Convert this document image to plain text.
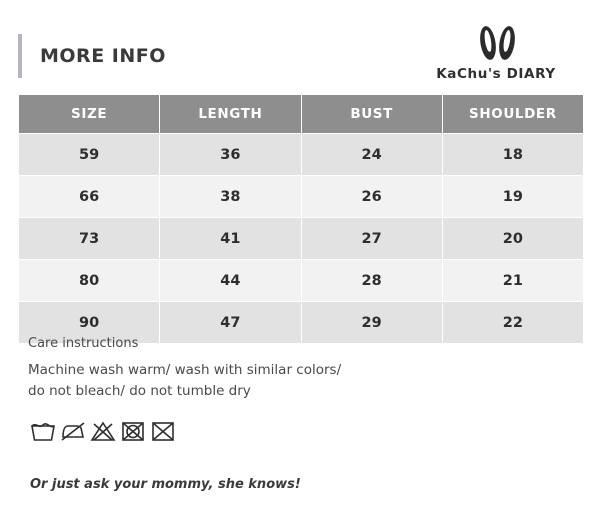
MORE INFO
KaChu's DIARY
SIZE	LENGTH	BUST	SHOULDER
59	36	24	18
66	38	26	19
73	41	27	20
80	44	28	21
90	47	29	22
Care instructions
Machine wash warm/ wash with similar colors/
do not bleach/ do not tumble dry
Or just ask your mommy, she knows!
